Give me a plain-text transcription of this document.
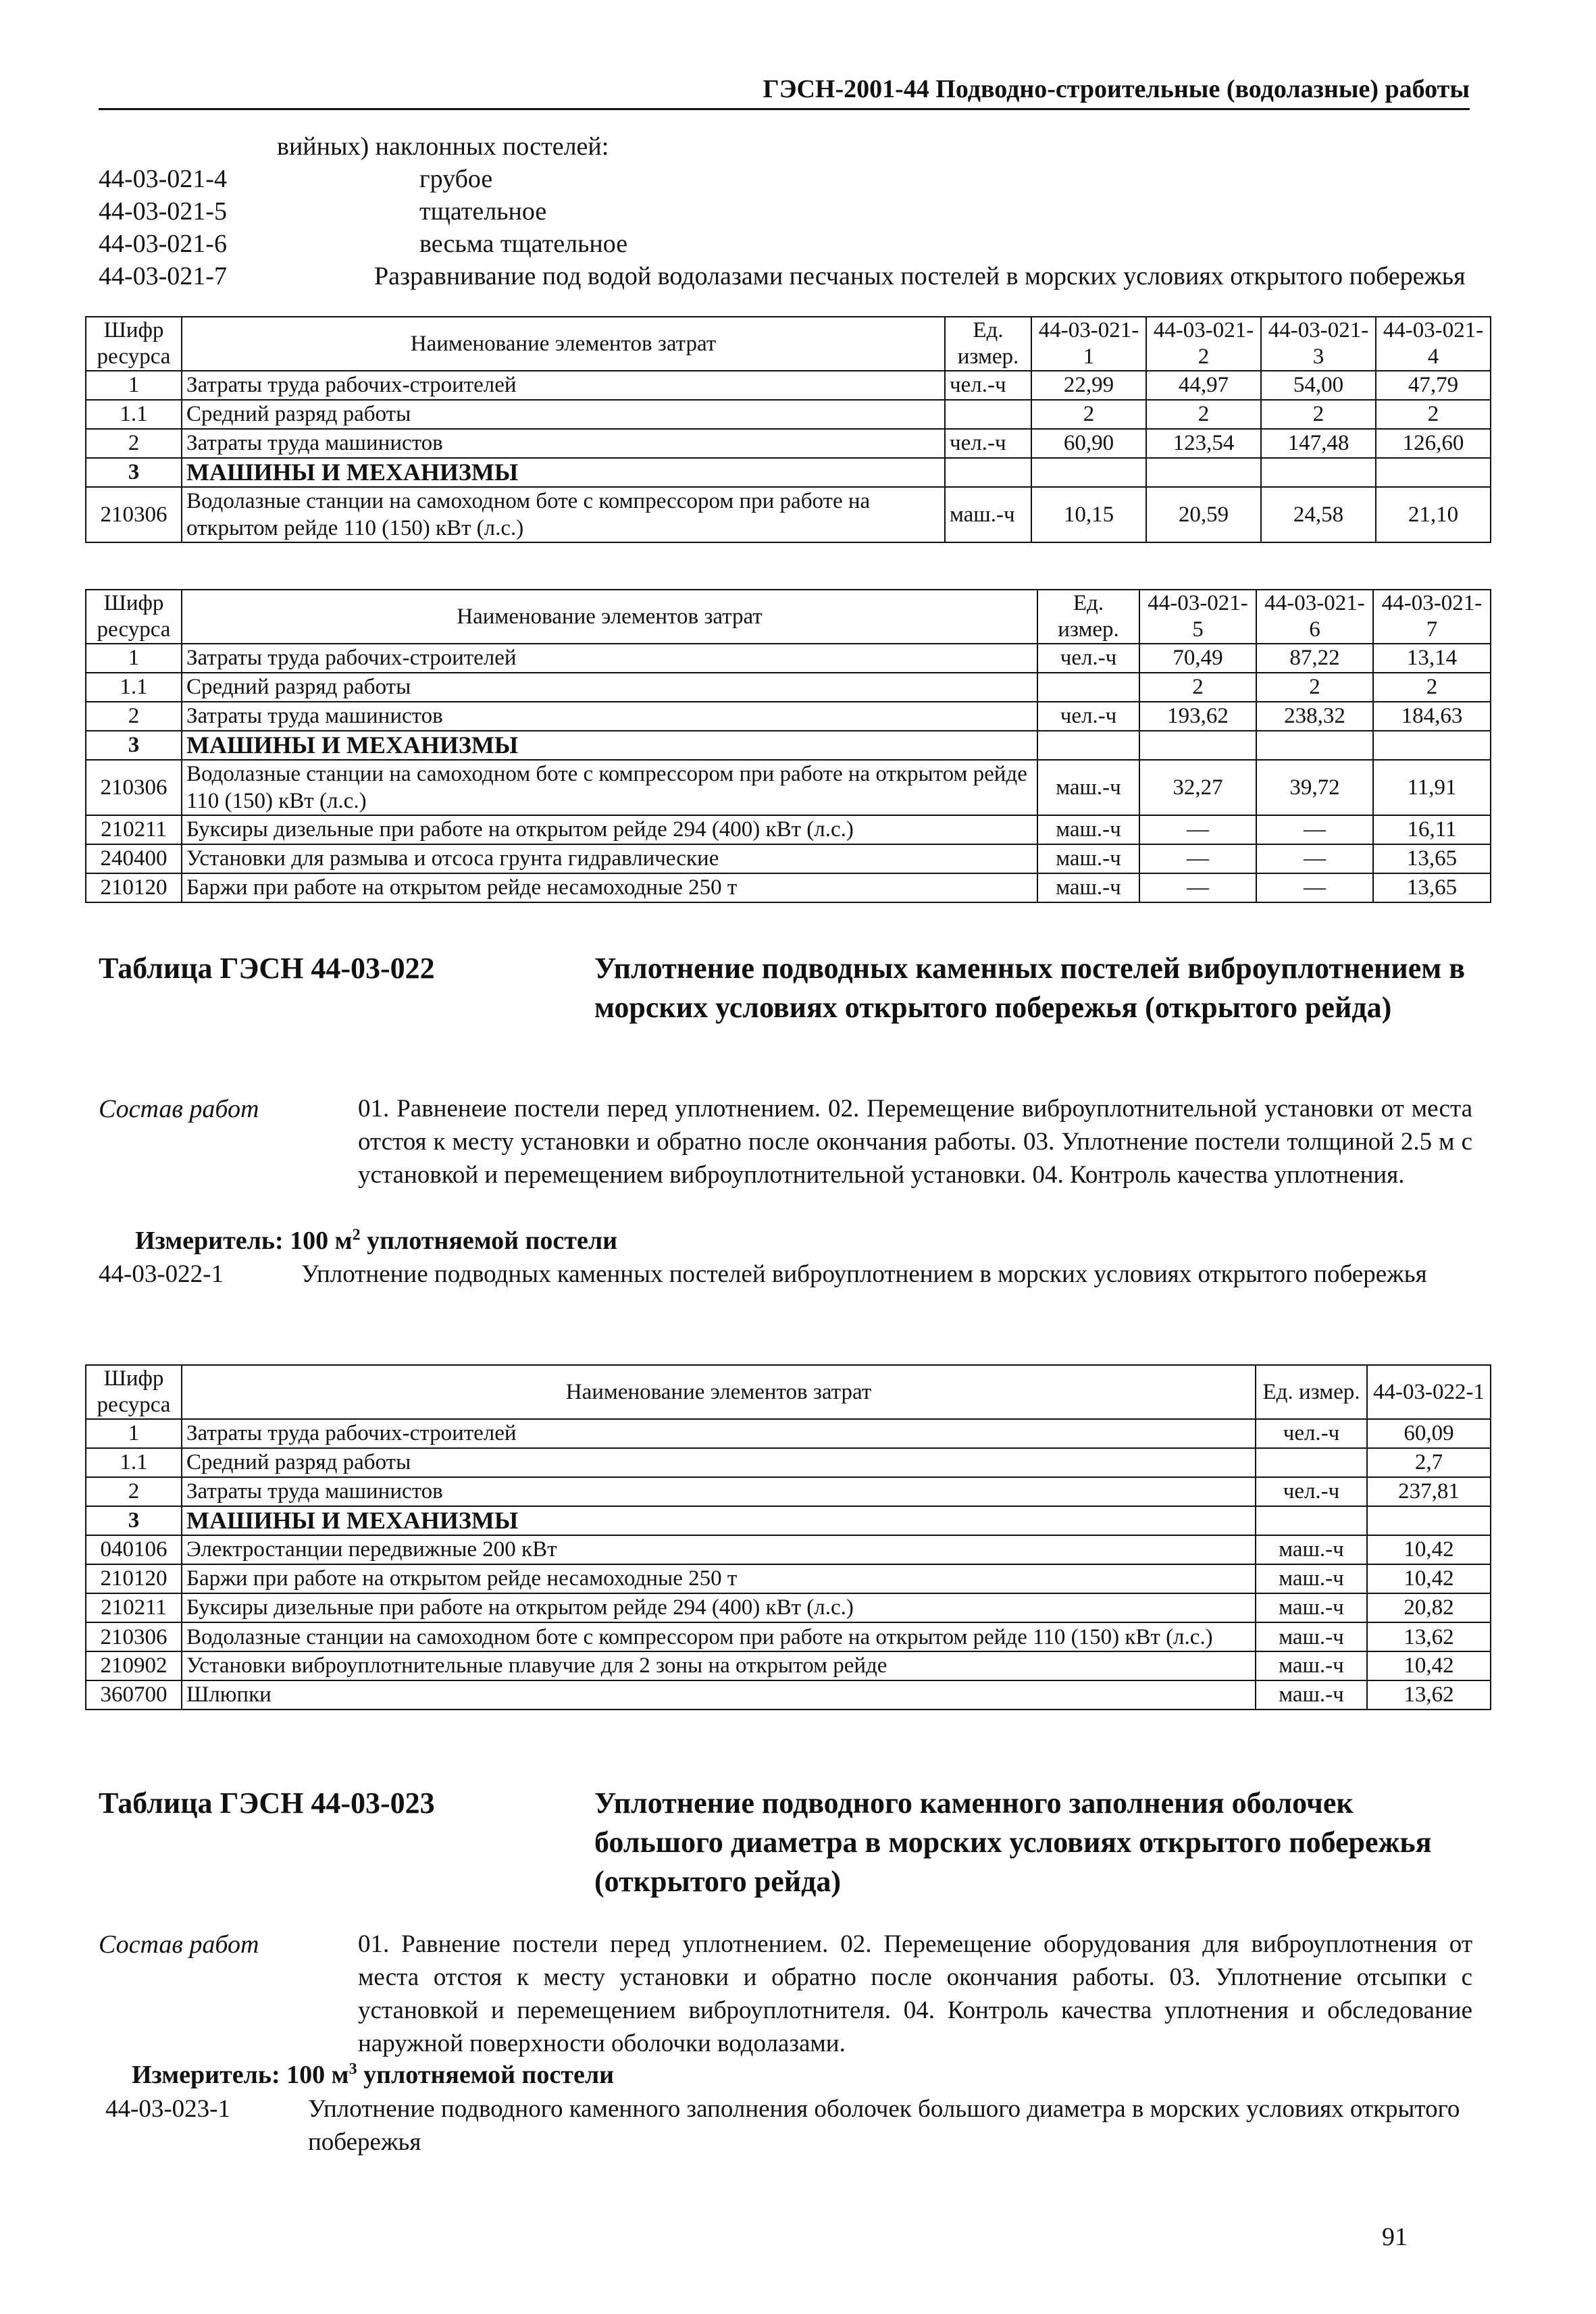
ГЭСН-2001-44 Подводно-строительные (водолазные) работы
вийных) наклонных постелей:
44-03-021-4	грубое
44-03-021-5	тщательное
44-03-021-6	весьма тщательное
44-03-021-7	Разравнивание под водой водолазами песчаных постелей в морских условиях открытого побережья
Шифр ресурса	Наименование элементов затрат	Ед. измер.	44-03-021-1	44-03-021-2	44-03-021-3	44-03-021-4
1	Затраты труда рабочих-строителей	чел.-ч	22,99	44,97	54,00	47,79
1.1	Средний разряд работы		2	2	2	2
2	Затраты труда машинистов	чел.-ч	60,90	123,54	147,48	126,60
3	МАШИНЫ И МЕХАНИЗМЫ					
210306	Водолазные станции на самоходном боте с компрессором при работе на открытом рейде 110 (150) кВт (л.с.)	маш.-ч	10,15	20,59	24,58	21,10
Шифр ресурса	Наименование элементов затрат	Ед. измер.	44-03-021-5	44-03-021-6	44-03-021-7
1	Затраты труда рабочих-строителей	чел.-ч	70,49	87,22	13,14
1.1	Средний разряд работы		2	2	2
2	Затраты труда машинистов	чел.-ч	193,62	238,32	184,63
3	МАШИНЫ И МЕХАНИЗМЫ				
210306	Водолазные станции на самоходном боте с компрессором при работе на открытом рейде 110 (150) кВт (л.с.)	маш.-ч	32,27	39,72	11,91
210211	Буксиры дизельные при работе на открытом рейде 294 (400) кВт (л.с.)	маш.-ч	—	—	16,11
240400	Установки для размыва и отсоса грунта гидравлические	маш.-ч	—	—	13,65
210120	Баржи при работе на открытом рейде несамоходные 250 т	маш.-ч	—	—	13,65
Таблица ГЭСН 44-03-022	Уплотнение подводных каменных постелей виброуплотнением в морских условиях открытого побережья (открытого рейда)
Состав работ	01. Равненеие постели перед уплотнением. 02. Перемещение виброуплотнительной установки от места отстоя к месту установки и обратно после окончания работы. 03. Уплотнение постели толщиной 2.5 м с установкой и перемещением виброуплотнительной установки. 04. Контроль качества уплотнения.
Измеритель: 100 $м^2$ уплотняемой постели
44-03-022-1	Уплотнение подводных каменных постелей виброуплотнением в морских условиях открытого побережья
Шифр ресурса	Наименование элементов затрат	Ед. измер.	44-03-022-1
1	Затраты труда рабочих-строителей	чел.-ч	60,09
1.1	Средний разряд работы		2,7
2	Затраты труда машинистов	чел.-ч	237,81
3	МАШИНЫ И МЕХАНИЗМЫ		
040106	Электростанции передвижные 200 кВт	маш.-ч	10,42
210120	Баржи при работе на открытом рейде несамоходные 250 т	маш.-ч	10,42
210211	Буксиры дизельные при работе на открытом рейде 294 (400) кВт (л.с.)	маш.-ч	20,82
210306	Водолазные станции на самоходном боте с компрессором при работе на открытом рейде 110 (150) кВт (л.с.)	маш.-ч	13,62
210902	Установки виброуплотнительные плавучие для 2 зоны на открытом рейде	маш.-ч	10,42
360700	Шлюпки	маш.-ч	13,62
Таблица ГЭСН 44-03-023	Уплотнение подводного каменного заполнения оболочек большого диаметра в морских условиях открытого побережья (открытого рейда)
Состав работ	01. Равнение постели перед уплотнением. 02. Перемещение оборудования для виброуплотнения от места отстоя к месту установки и обратно после окончания работы. 03. Уплотнение отсыпки с установкой и перемещением виброуплотнителя. 04. Контроль качества уплотнения и обследование наружной поверхности оболочки водолазами.
Измеритель: 100 $м^3$ уплотняемой постели
44-03-023-1	Уплотнение подводного каменного заполнения оболочек большого диаметра в морских условиях открытого побережья
91
